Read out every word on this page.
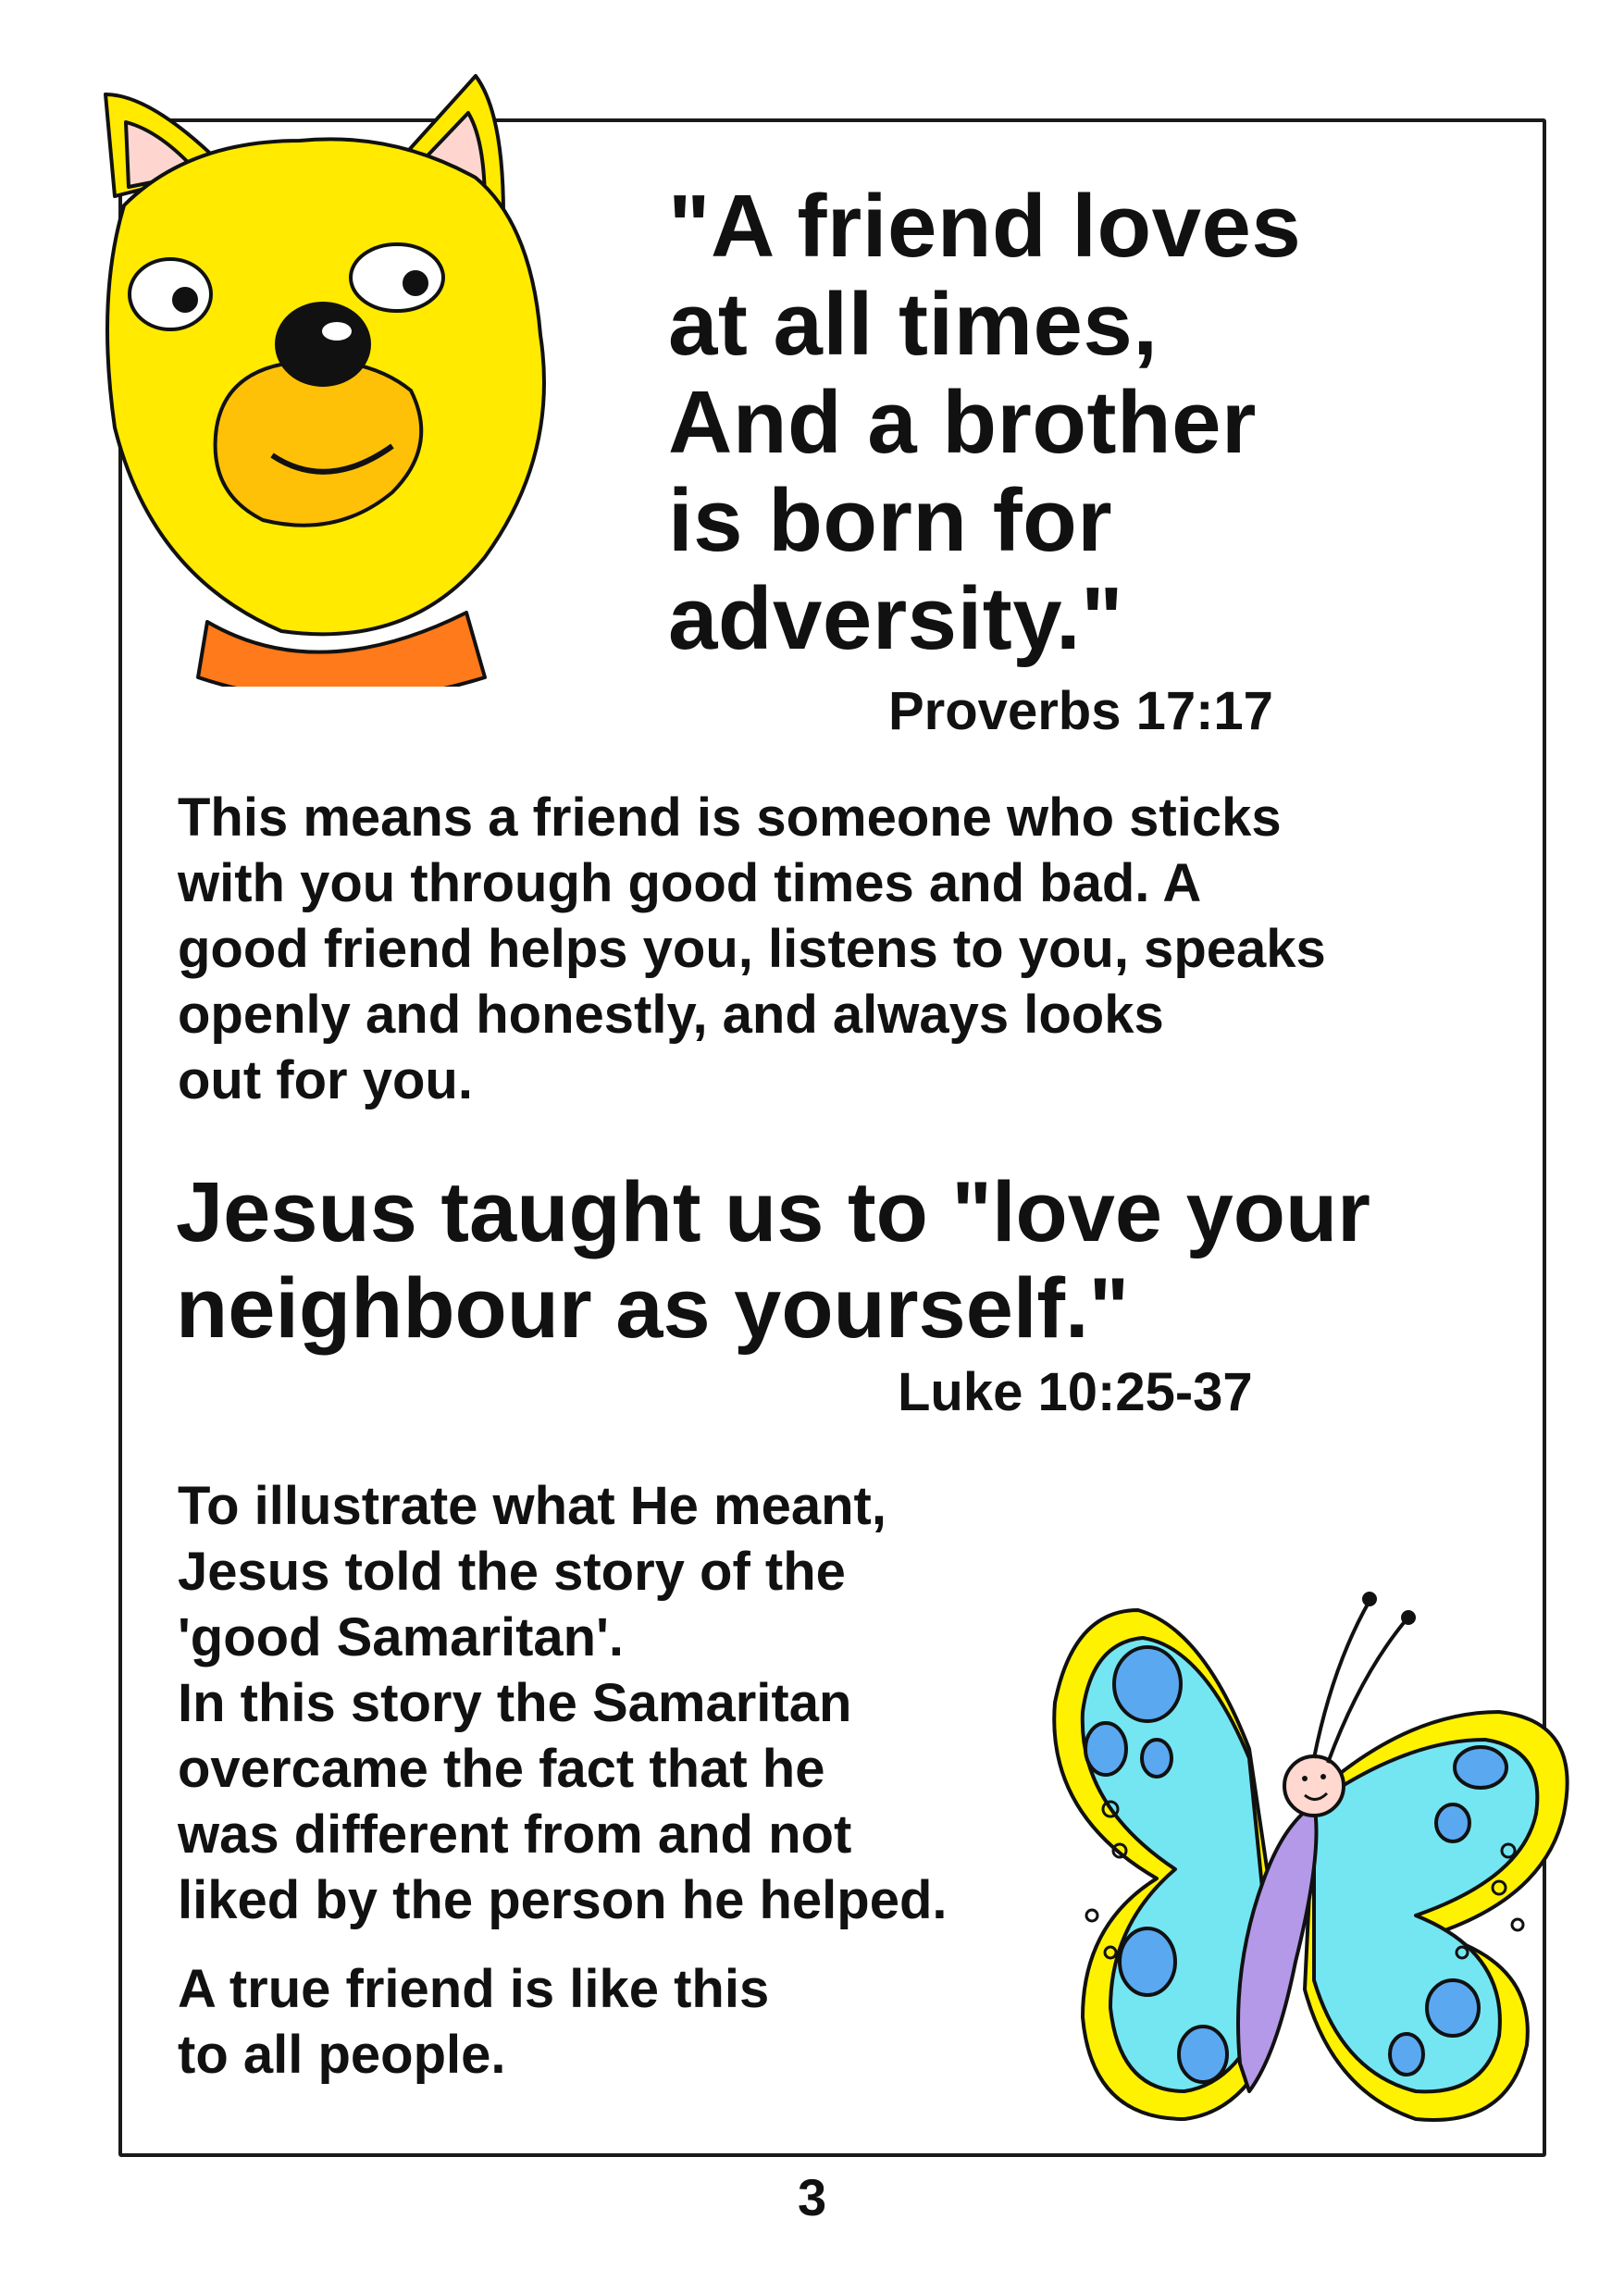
"A friend loves
at all times,
And a brother
is born for
adversity."
Proverbs 17:17
This means a friend is someone who sticks
with you through good times and bad. A
good friend helps you, listens to you, speaks
openly and honestly, and always looks
out for you.
Jesus taught us to "love your
neighbour as yourself."
Luke 10:25-37
To illustrate what He meant,
Jesus told the story of the
'good Samaritan'.
In this story the Samaritan
overcame the fact that he
was different from and not
liked by the person he helped.
A true friend is like this
to all people.
3
